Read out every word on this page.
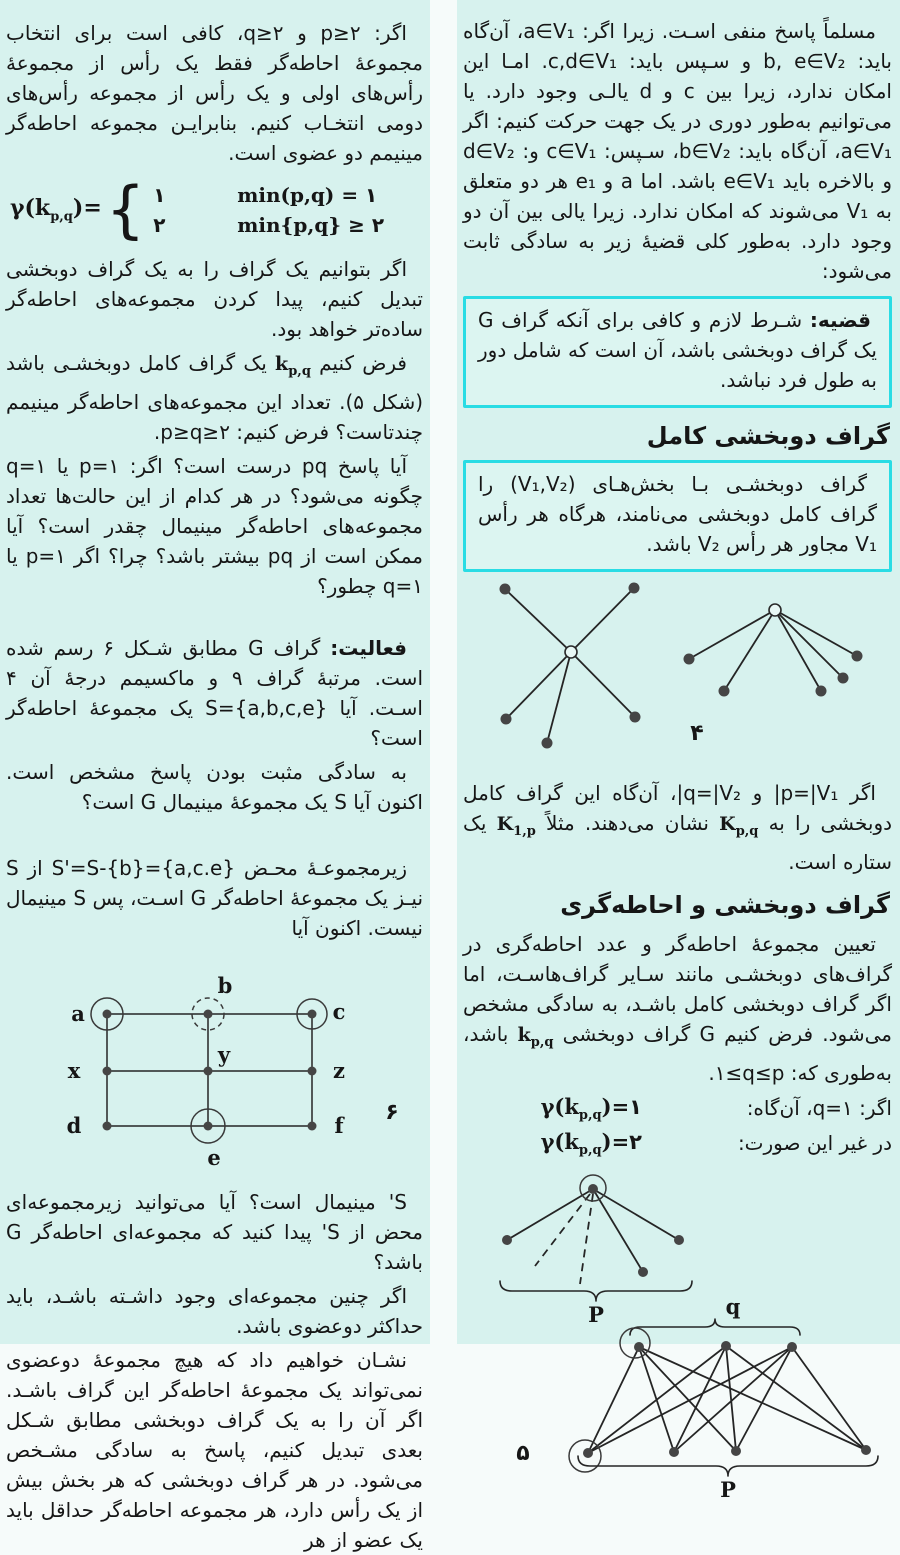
اگر: p≥۲ و q≥۲، کافی است برای انتخاب مجموعهٔ احاطه‌گر فقط یک رأس از مجموعهٔ رأس‌های اولی و یک رأس از مجموعه رأس‌های دومی انتخـاب کنیم. بنابرایـن مجموعه احاطه‌گر مینیمم دو عضوی است.

$\gamma(k_{p,q})=$ { ۱	min(p,q) = ۱
۲	min{p,q} ≥ ۲

اگر بتوانیم یک گراف را به یک گراف دوبخشی تبدیل کنیم، پیدا کردن مجموعه‌های احاطه‌گر ساده‌تر خواهد بود.

فرض کنیم $k_{p,q}$ یک گراف کامل دوبخشـی باشد (شکل ۵). تعداد این مجموعه‌های احاطه‌گر مینیمم چندتاست؟ فرض کنیم: p≥q≥۲.

آیا پاسخ pq درست است؟ اگر: p=۱ یا q=۱ چگونه می‌شود؟ در هر کدام از این حالت‌ها تعداد مجموعه‌های احاطه‌گر مینیمال چقدر است؟ آیا ممکن است از pq بیشتر باشد؟ چرا؟ اگر p=۱ یا q=۱ چطور؟

فعالیت: گراف G مطابق شـکل ۶ رسم شده است. مرتبهٔ گراف ۹ و ماکسیمم درجهٔ آن ۴ اسـت. آیا S={a,b,c,e} یک مجموعهٔ احاطه‌گر است؟

به سادگی مثبت بودن پاسخ مشخص است. اکنون آیا S یک مجموعهٔ مینیمال G است؟

زیرمجموعـهٔ محـض S'=S-{b}={a,c.e} از S نیـز یک مجموعهٔ احاطه‌گر G اسـت، پس S مینیمال نیست. اکنون آیا

a
b
c
x
y
z
d
e
f
۶

S' مینیمال است؟ آیا می‌توانید زیرمجموعه‌ای محض از S' پیدا کنید که مجموعه‌ای احاطه‌گر G باشد؟

اگر چنین مجموعه‌ای وجود داشـته باشـد، باید حداکثر دوعضوی باشد.

نشـان خواهیم داد که هیچ مجموعهٔ دوعضوی نمی‌تواند یک مجموعهٔ احاطه‌گر این گراف باشـد. اگر آن را به یک گراف دوبخشی مطابق شـکل بعدی تبدیل کنیم، پاسخ به سادگی مشـخص می‌شود. در هر گراف دوبخشی که هر بخش بیش از یک رأس دارد، هر مجموعه احاطه‌گر حداقل باید یک عضو از هر

مسلماً پاسخ منفی اسـت. زیرا اگر: a∈V₁، آن‌گاه باید: b, e∈V₂ و سـپس باید: c,d∈V₁. امـا این امکان ندارد، زیرا بین c و d یالـی وجود دارد. یا می‌توانیم به‌طور دوری در یک جهت حرکت کنیم: اگر a∈V₁، آن‌گاه باید: b∈V₂، سـپس: c∈V₁ و: d∈V₂ و بالاخره باید e∈V₁ باشد. اما a و e₁ هر دو متعلق به V₁ می‌شوند که امکان ندارد. زیرا یالی بین آن دو وجود دارد. به‌طور کلی قضیهٔ زیر به سادگی ثابت می‌شود:

قضیه: شـرط لازم و کافی برای آنکه گراف G یک گراف دوبخشی باشد، آن است که شامل دور به طول فرد نباشد.

گراف دوبخشی کامل

گراف دوبخشـی بـا بخش‌هـای (V₁,V₂) را گراف کامل دوبخشی می‌نامند، هرگاه هر رأس V₁ مجاور هر رأس V₂ باشد.

۴

اگر p=|V₁| و q=|V₂|، آن‌گاه این گراف کامل دوبخشی را به $K_{p,q}$ نشان می‌دهند. مثلاً $K_{1,p}$ یک ستاره است.

گراف دوبخشی و احاطه‌گری

تعیین مجموعهٔ احاطه‌گر و عدد احاطه‌گری در گراف‌های دوبخشـی مانند سـایر گراف‌هاسـت، اما اگر گراف دوبخشی کامل باشـد، به سادگی مشخص می‌شود. فرض کنیم G گراف دوبخشی $k_{p,q}$ باشد، به‌طوری که: ۱≤q≤p.

اگر: q=۱، آن‌گاه:
$\gamma(k_{p,q})=۱$
در غیر این صورت:
$\gamma(k_{p,q})=۲$
P	q
P
۵
